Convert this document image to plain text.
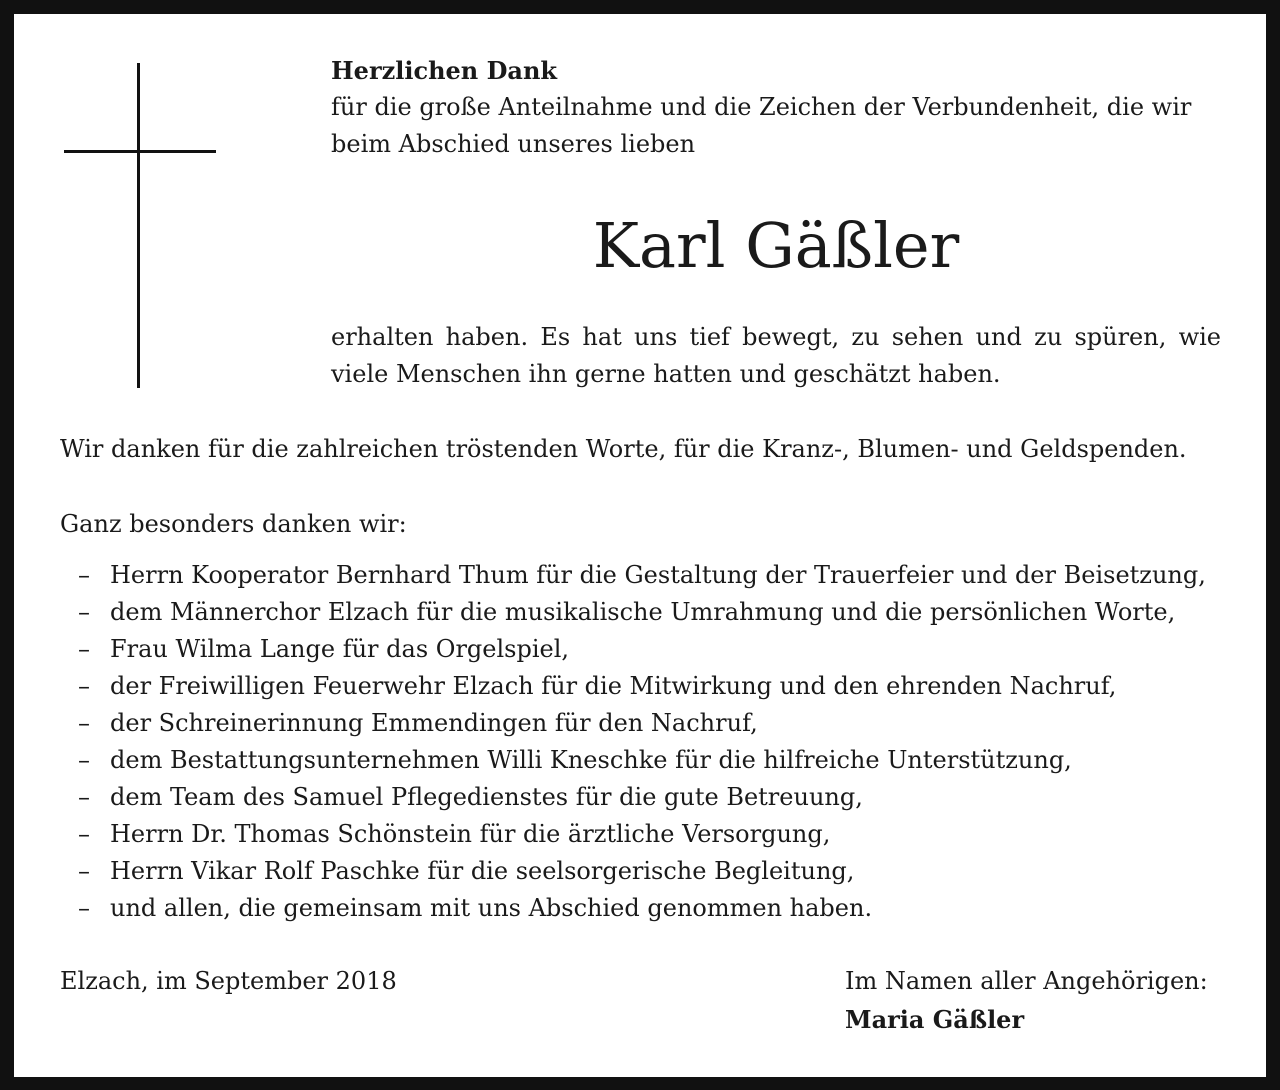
Herzlichen Dank
für die große Anteilnahme und die Zeichen der Verbundenheit, die wir
beim Abschied unseres lieben
Karl Gäßler

erhalten haben. Es hat uns tief bewegt, zu sehen und zu spüren, wie viele Menschen ihn gerne hatten und geschätzt haben.

Wir danken für die zahlreichen tröstenden Worte, für die Kranz-, Blumen- und Geldspenden.

Ganz besonders danken wir:

– Herrn Kooperator Bernhard Thum für die Gestaltung der Trauerfeier und der Beisetzung,
– dem Männerchor Elzach für die musikalische Umrahmung und die persönlichen Worte,
– Frau Wilma Lange für das Orgelspiel,
– der Freiwilligen Feuerwehr Elzach für die Mitwirkung und den ehrenden Nachruf,
– der Schreinerinnung Emmendingen für den Nachruf,
– dem Bestattungsunternehmen Willi Kneschke für die hilfreiche Unterstützung,
– dem Team des Samuel Pflegedienstes für die gute Betreuung,
– Herrn Dr. Thomas Schönstein für die ärztliche Versorgung,
– Herrn Vikar Rolf Paschke für die seelsorgerische Begleitung,
– und allen, die gemeinsam mit uns Abschied genommen haben.

Elzach, im September 2018	Im Namen aller Angehörigen:

Maria Gäßler
